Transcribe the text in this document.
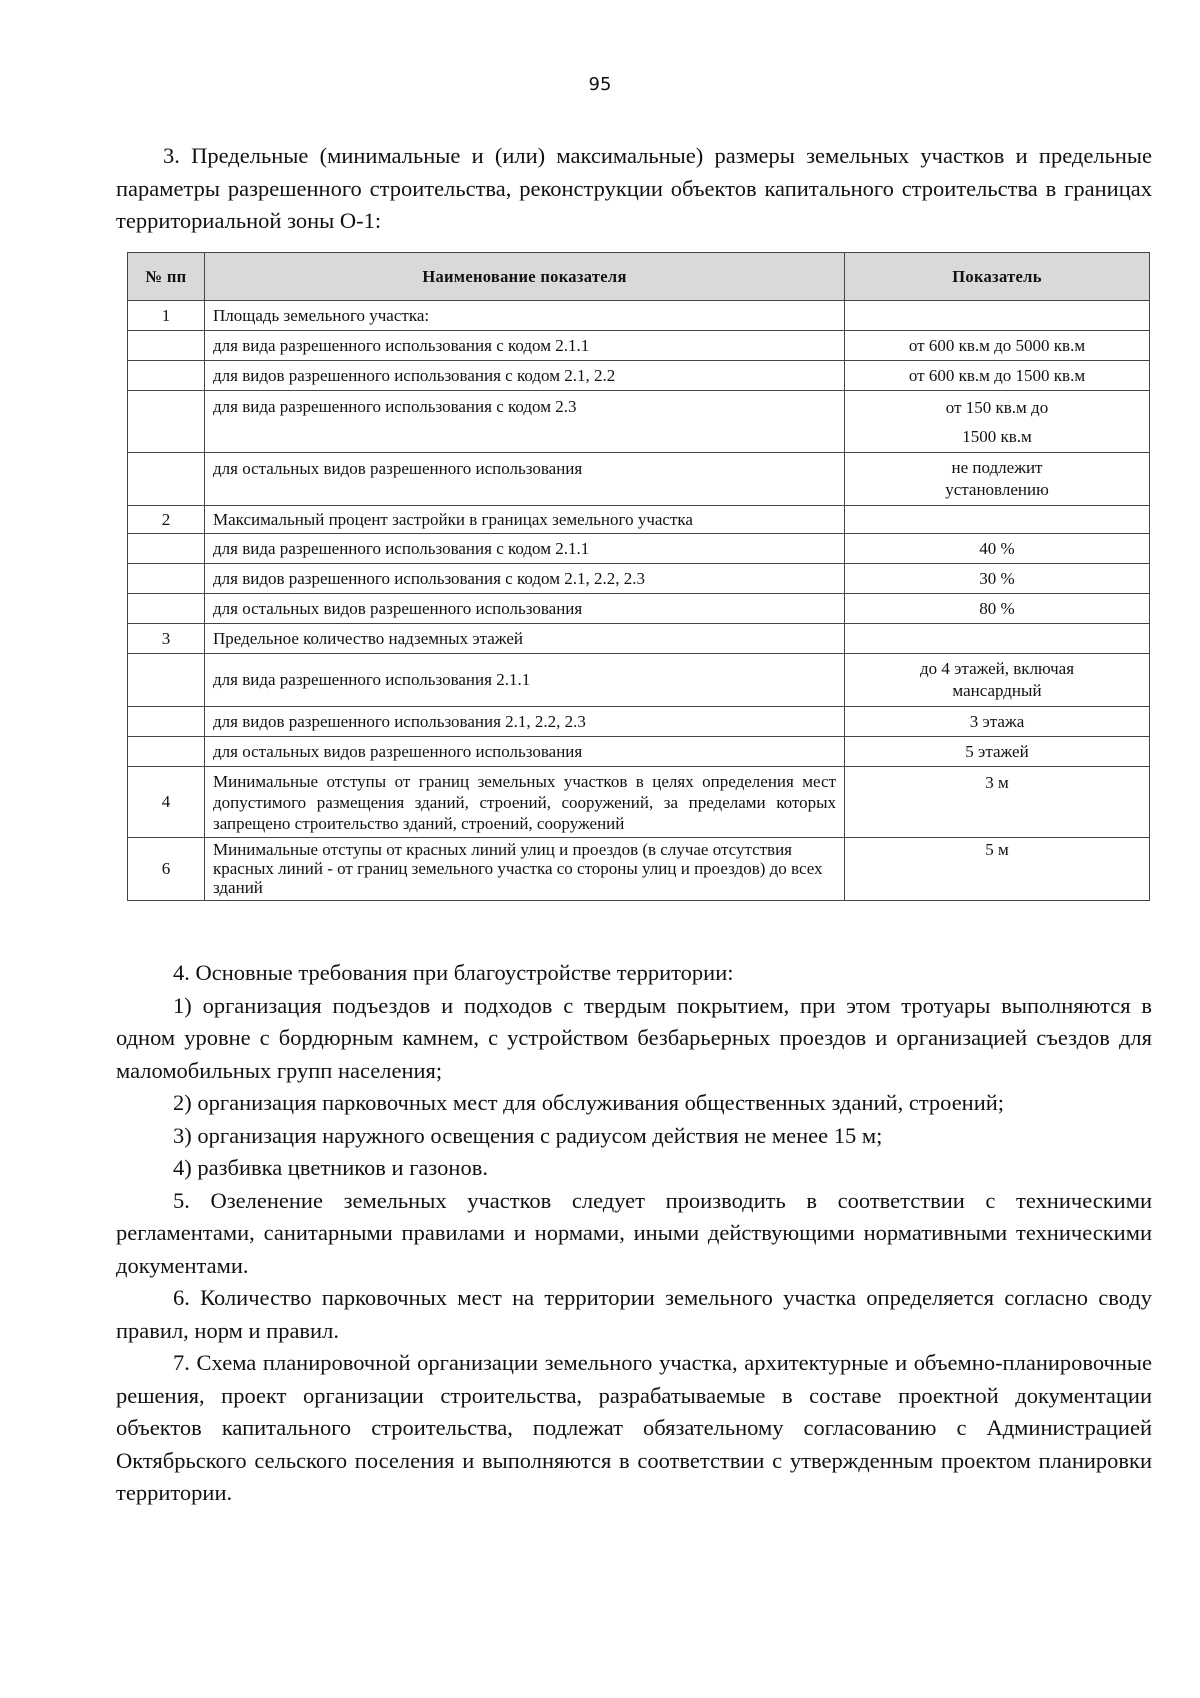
95

3. Предельные (минимальные и (или) максимальные) размеры земельных участков и предельные параметры разрешенного строительства, реконструкции объектов капитального строительства в границах территориальной зоны О-1:

№ пп	Наименование показателя	Показатель
1	Площадь земельного участка:	
	для вида разрешенного использования с кодом 2.1.1	от 600 кв.м до 5000 кв.м
	для видов разрешенного использования с кодом 2.1, 2.2	от 600 кв.м до 1500 кв.м
	для вида разрешенного использования с кодом 2.3	от 150 кв.м до
1500 кв.м

	для остальных видов разрешенного использования	не подлежит
установлению

2	Максимальный процент застройки в границах земельного участка	
	для вида разрешенного использования с кодом 2.1.1	40 %
	для видов разрешенного использования с кодом 2.1, 2.2, 2.3	30 %
	для остальных видов разрешенного использования	80 %
3	Предельное количество надземных этажей	
	для вида разрешенного использования 2.1.1	до 4 этажей, включая
мансардный

	для видов разрешенного использования 2.1, 2.2, 2.3	3 этажа
	для остальных видов разрешенного использования	5 этажей
4	Минимальные отступы от границ земельных участков в целях определения мест допустимого размещения зданий, строений, сооружений, за пределами которых запрещено строительство зданий, строений, сооружений	3 м
6	Минимальные отступы от красных линий улиц и проездов (в случае отсутствия красных линий - от границ земельного участка со стороны улиц и проездов) до всех зданий	5 м

4. Основные требования при благоустройстве территории:

1) организация подъездов и подходов с твердым покрытием, при этом тротуары выполняются в одном уровне с бордюрным камнем, с устройством безбарьерных проездов и организацией съездов для маломобильных групп населения;

2) организация парковочных мест для обслуживания общественных зданий, строений;

3) организация наружного освещения с радиусом действия не менее 15 м;

4) разбивка цветников и газонов.

5. Озеленение земельных участков следует производить в соответствии с техническими регламентами, санитарными правилами и нормами, иными действующими нормативными техническими документами.

6. Количество парковочных мест на территории земельного участка определяется согласно своду правил, норм и правил.

7. Схема планировочной организации земельного участка, архитектурные и объемно-планировочные решения, проект организации строительства, разрабатываемые в составе проектной документации объектов капитального строительства, подлежат обязательному согласованию с Администрацией Октябрьского сельского поселения и выполняются в соответствии с утвержденным проектом планировки территории.
